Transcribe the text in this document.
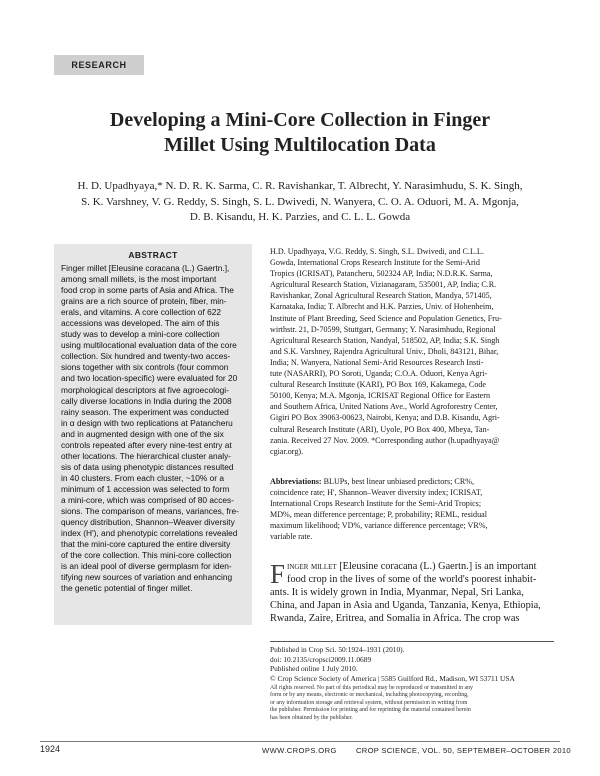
RESEARCH
Developing a Mini-Core Collection in Finger
Millet Using Multilocation Data
H. D. Upadhyaya,* N. D. R. K. Sarma, C. R. Ravishankar, T. Albrecht, Y. Narasimhudu, S. K. Singh,
S. K. Varshney, V. G. Reddy, S. Singh, S. L. Dwivedi, N. Wanyera, C. O. A. Oduori, M. A. Mgonja,
D. B. Kisandu, H. K. Parzies, and C. L. L. Gowda
ABSTRACT
Finger millet [Eleusine coracana (L.) Gaertn.],
among small millets, is the most important
food crop in some parts of Asia and Africa. The
grains are a rich source of protein, fiber, min-
erals, and vitamins. A core collection of 622
accessions was developed. The aim of this
study was to develop a mini-core collection
using multilocational evaluation data of the core
collection. Six hundred and twenty-two acces-
sions together with six controls (four common
and two location-specific) were evaluated for 20
morphological descriptors at five agroecologi-
cally diverse locations in India during the 2008
rainy season. The experiment was conducted
in α design with two replications at Patancheru
and in augmented design with one of the six
controls repeated after every nine-test entry at
other locations. The hierarchical cluster analy-
sis of data using phenotypic distances resulted
in 40 clusters. From each cluster, ~10% or a
minimum of 1 accession was selected to form
a mini-core, which was comprised of 80 acces-
sions. The comparison of means, variances, fre-
quency distribution, Shannon–Weaver diversity
index (H′), and phenotypic correlations revealed
that the mini-core captured the entire diversity
of the core collection. This mini-core collection
is an ideal pool of diverse germplasm for iden-
tifying new sources of variation and enhancing
the genetic potential of finger millet.
H.D. Upadhyaya, V.G. Reddy, S. Singh, S.L. Dwivedi, and C.L.L.
Gowda, International Crops Research Institute for the Semi-Arid
Tropics (ICRISAT), Patancheru, 502324 AP, India; N.D.R.K. Sarma,
Agricultural Research Station, Vizianagaram, 535001, AP, India; C.R.
Ravishankar, Zonal Agricultural Research Station, Mandya, 571405,
Karnataka, India; T. Albrecht and H.K. Parzies, Univ. of Hohenheim,
Institute of Plant Breeding, Seed Science and Population Genetics, Fru-
wirthstr. 21, D-70599, Stuttgart, Germany; Y. Narasimhudu, Regional
Agricultural Research Station, Nandyal, 518502, AP, India; S.K. Singh
and S.K. Varshney, Rajendra Agricultural Univ., Dholi, 843121, Bihar,
India; N. Wanyera, National Semi-Arid Resources Research Insti-
tute (NASARRI), PO Soroti, Uganda; C.O.A. Oduori, Kenya Agri-
cultural Research Institute (KARI), PO Box 169, Kakamega, Code
50100, Kenya; M.A. Mgonja, ICRISAT Regional Office for Eastern
and Southern Africa, United Nations Ave., World Agroforestry Center,
Gigiri PO Box 39063-00623, Nairobi, Kenya; and D.B. Kisandu, Agri-
cultural Research Institute (ARI), Uyole, PO Box 400, Mbeya, Tan-
zania. Received 27 Nov. 2009. *Corresponding author (h.upadhyaya@
cgiar.org).
Abbreviations: BLUPs, best linear unbiased predictors; CR%,
coincidence rate; H′, Shannon–Weaver diversity index; ICRISAT,
International Crops Research Institute for the Semi-Arid Tropics;
MD%, mean difference percentage; P, probability; REML, residual
maximum likelihood; VD%, variance difference percentage; VR%,
variable rate.
Finger millet [Eleusine coracana (L.) Gaertn.] is an important
food crop in the lives of some of the world's poorest inhabit-
ants. It is widely grown in India, Myanmar, Nepal, Sri Lanka,
China, and Japan in Asia and Uganda, Tanzania, Kenya, Ethiopia,
Rwanda, Zaire, Eritrea, and Somalia in Africa. The crop was
Published in Crop Sci. 50:1924–1931 (2010).
doi: 10.2135/cropsci2009.11.0689
Published online 1 July 2010.
© Crop Science Society of America | 5585 Guilford Rd., Madison, WI 53711 USA
All rights reserved. No part of this periodical may be reproduced or transmitted in any
form or by any means, electronic or mechanical, including photocopying, recording,
or any information storage and retrieval system, without permission in writing from
the publisher. Permission for printing and for reprinting the material contained herein
has been obtained by the publisher.
1924	WWW.CROPS.ORG	CROP SCIENCE, VOL. 50, SEPTEMBER–OCTOBER 2010
